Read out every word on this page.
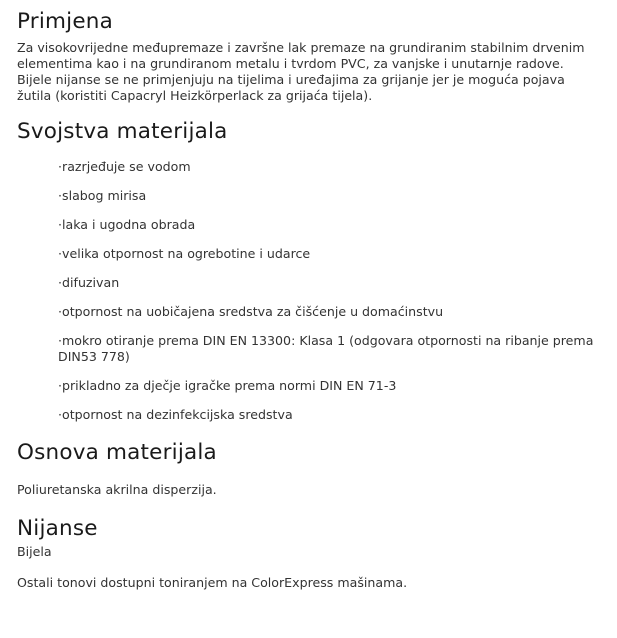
Primjena

Za visokovrijedne međupremaze i završne lak premaze na grundiranim stabilnim drvenim elementima kao i na grundiranom metalu i tvrdom PVC, za vanjske i unutarnje radove. Bijele nijanse se ne primjenjuju na tijelima i uređajima za grijanje jer je moguća pojava žutila (koristiti Capacryl Heizkörperlack za grijaća tijela).

Svojstva materijala
·razrjeđuje se vodom
·slabog mirisa
·laka i ugodna obrada
·velika otpornost na ogrebotine i udarce
·difuzivan
·otpornost na uobičajena sredstva za čišćenje u domaćinstvu
·mokro otiranje prema DIN EN 13300: Klasa 1 (odgovara otpornosti na ribanje prema DIN53 778)
·prikladno za dječje igračke prema normi DIN EN 71-3
·otpornost na dezinfekcijska sredstva
Osnova materijala

Poliuretanska akrilna disperzija.

Nijanse

Bijela

Ostali tonovi dostupni toniranjem na ColorExpress mašinama.
